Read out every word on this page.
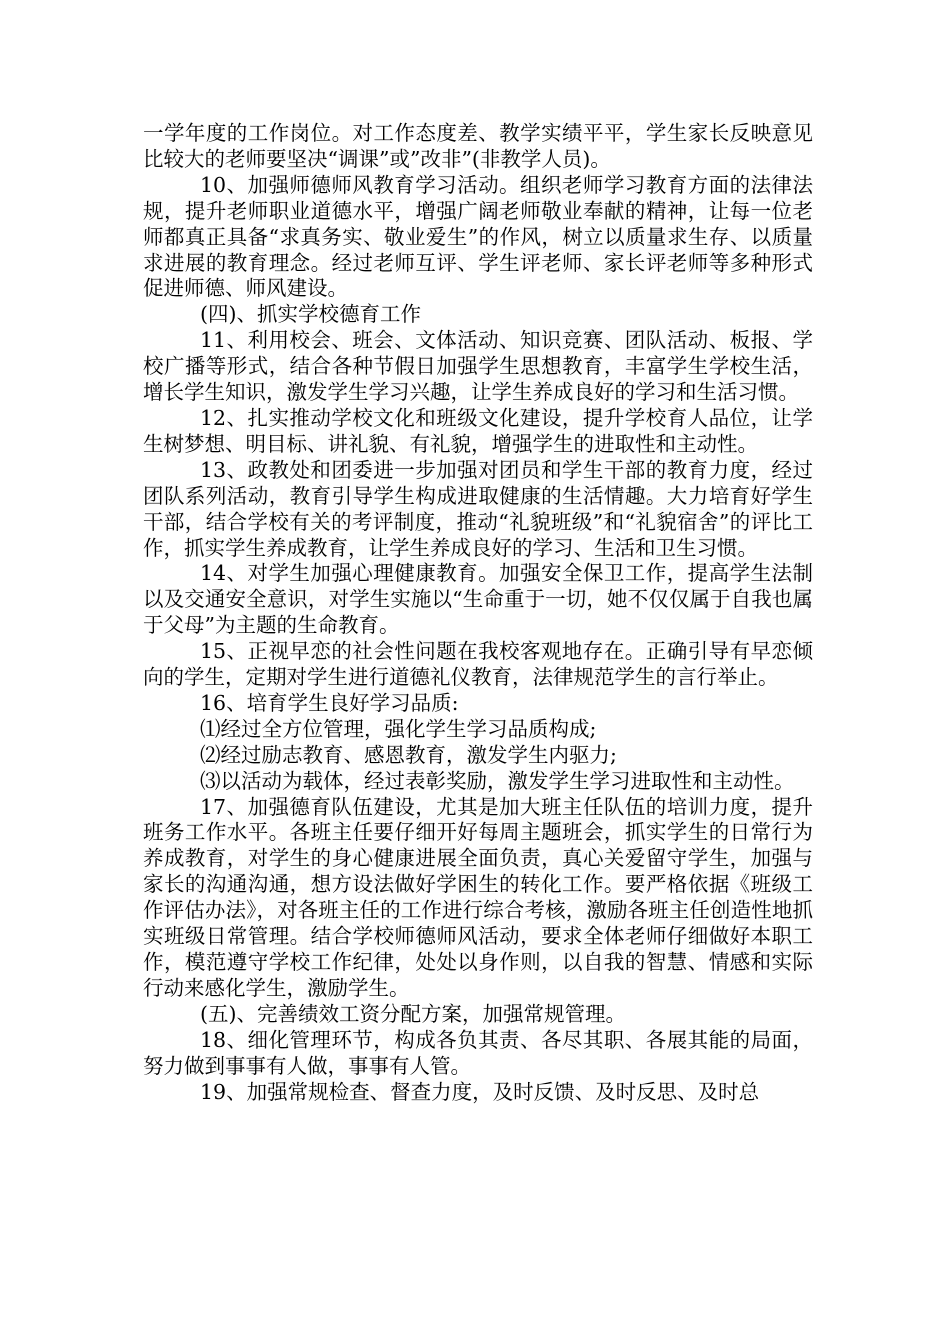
一学年度的工作岗位。对工作态度差、教学实绩平平，学生家长反映意见比较大的老师要坚决“调课”或”改非”(非教学人员)。

10、加强师德师风教育学习活动。组织老师学习教育方面的法律法规，提升老师职业道德水平，增强广阔老师敬业奉献的精神，让每一位老师都真正具备“求真务实、敬业爱生”的作风，树立以质量求生存、以质量求进展的教育理念。经过老师互评、学生评老师、家长评老师等多种形式促进师德、师风建设。

(四)、抓实学校德育工作

11、利用校会、班会、文体活动、知识竞赛、团队活动、板报、学校广播等形式，结合各种节假日加强学生思想教育，丰富学生学校生活，增长学生知识，激发学生学习兴趣，让学生养成良好的学习和生活习惯。

12、扎实推动学校文化和班级文化建设，提升学校育人品位，让学生树梦想、明目标、讲礼貌、有礼貌，增强学生的进取性和主动性。

13、政教处和团委进一步加强对团员和学生干部的教育力度，经过团队系列活动，教育引导学生构成进取健康的生活情趣。大力培育好学生干部，结合学校有关的考评制度，推动“礼貌班级”和“礼貌宿舍”的评比工作，抓实学生养成教育，让学生养成良好的学习、生活和卫生习惯。

14、对学生加强心理健康教育。加强安全保卫工作，提高学生法制以及交通安全意识，对学生实施以“生命重于一切，她不仅仅属于自我也属于父母”为主题的生命教育。

15、正视早恋的社会性问题在我校客观地存在。正确引导有早恋倾向的学生，定期对学生进行道德礼仪教育，法律规范学生的言行举止。

16、培育学生良好学习品质:

⑴经过全方位管理，强化学生学习品质构成;

⑵经过励志教育、感恩教育，激发学生内驱力;

⑶以活动为载体，经过表彰奖励，激发学生学习进取性和主动性。

17、加强德育队伍建设，尤其是加大班主任队伍的培训力度，提升班务工作水平。各班主任要仔细开好每周主题班会，抓实学生的日常行为养成教育，对学生的身心健康进展全面负责，真心关爱留守学生，加强与家长的沟通沟通，想方设法做好学困生的转化工作。要严格依据《班级工作评估办法》，对各班主任的工作进行综合考核，激励各班主任创造性地抓实班级日常管理。结合学校师德师风活动，要求全体老师仔细做好本职工作，模范遵守学校工作纪律，处处以身作则，以自我的智慧、情感和实际行动来感化学生，激励学生。

(五)、完善绩效工资分配方案，加强常规管理。

18、细化管理环节，构成各负其责、各尽其职、各展其能的局面，努力做到事事有人做，事事有人管。

19、加强常规检查、督查力度，及时反馈、及时反思、及时总
